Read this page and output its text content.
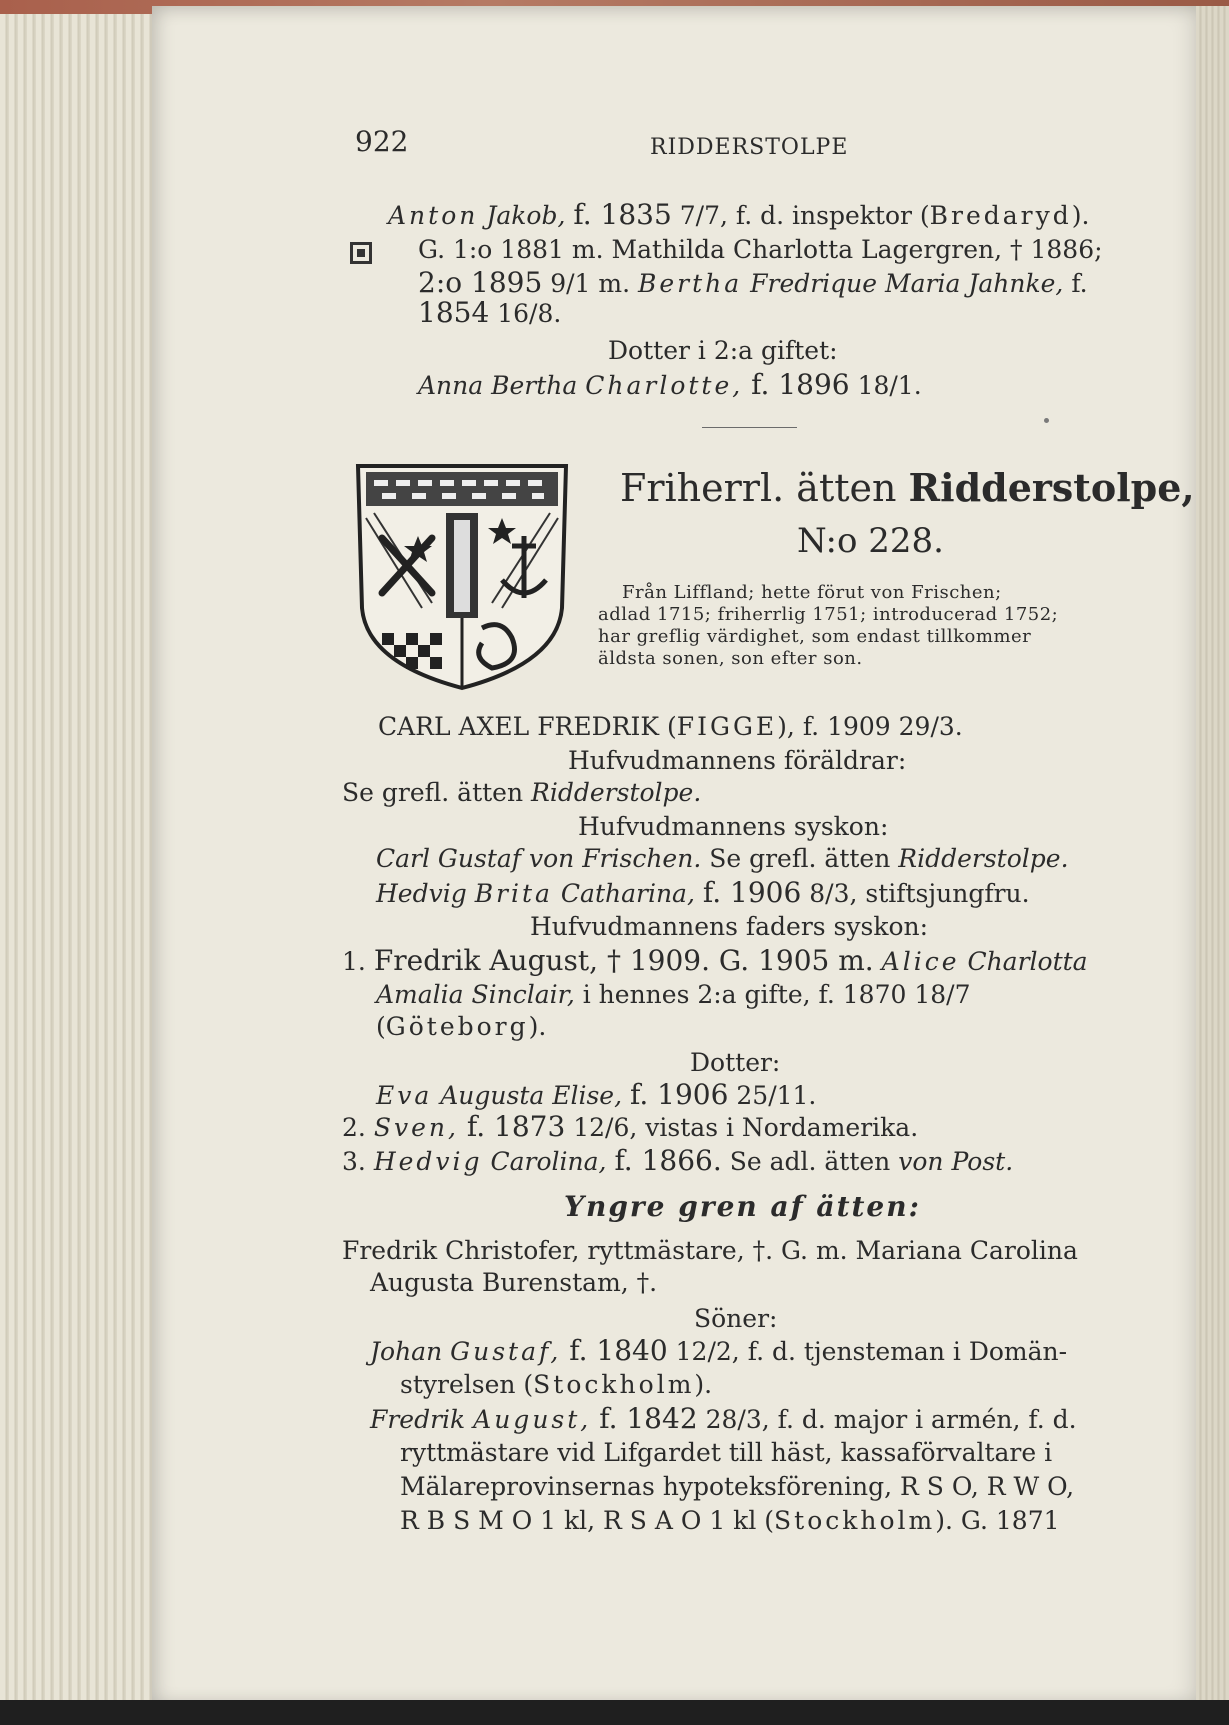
922	RIDDERSTOLPE
Anton Jakob, f. 1835 7/7, f. d. inspektor (Bredaryd).
G. 1:o 1881 m. Mathilda Charlotta Lagergren, † 1886;
2:o 1895 9/1 m. Bertha Fredrique Maria Jahnke, f.
1854 16/8.
Dotter i 2:a giftet:
Anna Bertha Charlotte, f. 1896 18/1.
Friherrl. ätten Ridderstolpe,
N:o 228.
Från Liffland; hette förut von Frischen;
adlad 1715; friherrlig 1751; introducerad 1752;
har greflig värdighet, som endast tillkommer
äldsta sonen, son efter son.
CARL AXEL FREDRIK (FIGGE), f. 1909 29/3.
Hufvudmannens föräldrar:
Se grefl. ätten Ridderstolpe.
Hufvudmannens syskon:
Carl Gustaf von Frischen. Se grefl. ätten Ridderstolpe.
Hedvig Brita Catharina, f. 1906 8/3, stiftsjungfru.
Hufvudmannens faders syskon:
1. Fredrik August, † 1909. G. 1905 m. Alice Charlotta
Amalia Sinclair, i hennes 2:a gifte, f. 1870 18/7
(Göteborg).
Dotter:
Eva Augusta Elise, f. 1906 25/11.
2. Sven, f. 1873 12/6, vistas i Nordamerika.
3. Hedvig Carolina, f. 1866. Se adl. ätten von Post.
Yngre gren af ätten:
Fredrik Christofer, ryttmästare, †. G. m. Mariana Carolina
Augusta Burenstam, †.
Söner:
Johan Gustaf, f. 1840 12/2, f. d. tjensteman i Domän-
styrelsen (Stockholm).
Fredrik August, f. 1842 28/3, f. d. major i armén, f. d.
ryttmästare vid Lifgardet till häst, kassaförvaltare i
Mälareprovinsernas hypoteksförening, R S O, R W O,
R B S M O 1 kl, R S A O 1 kl (Stockholm). G. 1871
